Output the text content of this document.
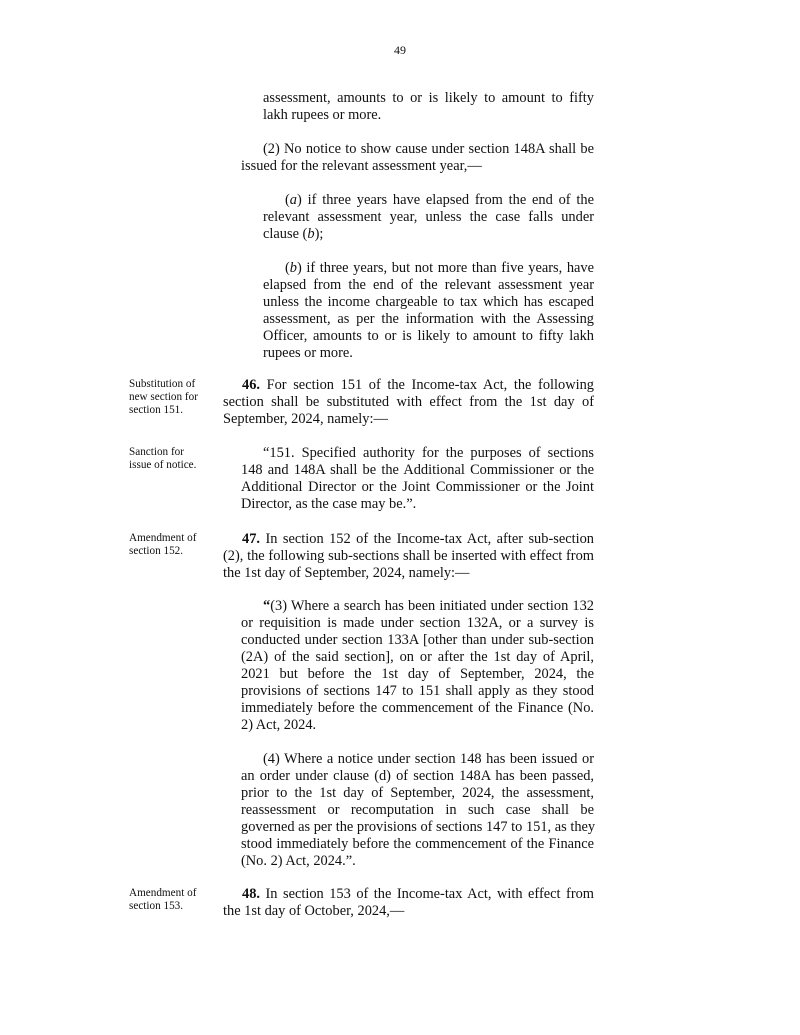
49
assessment, amounts to or is likely to amount to fifty
lakh rupees or more.
(2) No notice to show cause under section 148A shall be
issued for the relevant assessment year,—
(a) if three years have elapsed from the end of the
relevant assessment year, unless the case falls under
clause (b);
(b) if three years, but not more than five years, have
elapsed from the end of the relevant assessment year
unless the income chargeable to tax which has escaped
assessment, as per the information with the Assessing
Officer, amounts to or is likely to amount to fifty lakh
rupees or more.
Substitution of
new section for
section 151.
46. For section 151 of the Income-tax Act, the following
section shall be substituted with effect from the 1st day of
September, 2024, namely:—
Sanction for
issue of notice.
“151. Specified authority for the purposes of sections
148 and 148A shall be the Additional Commissioner or the
Additional Director or the Joint Commissioner or the Joint
Director, as the case may be.”.
Amendment of
section 152.
47. In section 152 of the Income-tax Act, after sub-section
(2), the following sub-sections shall be inserted with effect from
the 1st day of September, 2024, namely:—
“(3) Where a search has been initiated under section 132
or requisition is made under section 132A, or a survey is
conducted under section 133A [other than under sub-section
(2A) of the said section], on or after the 1st day of April,
2021 but before the 1st day of September, 2024, the
provisions of sections 147 to 151 shall apply as they stood
immediately before the commencement of the Finance (No.
2) Act, 2024.
(4) Where a notice under section 148 has been issued or
an order under clause (d) of section 148A has been passed,
prior to the 1st day of September, 2024, the assessment,
reassessment or recomputation in such case shall be
governed as per the provisions of sections 147 to 151, as they
stood immediately before the commencement of the Finance
(No. 2) Act, 2024.”.
Amendment of
section 153.
48. In section 153 of the Income-tax Act, with effect from
the 1st day of October, 2024,—
